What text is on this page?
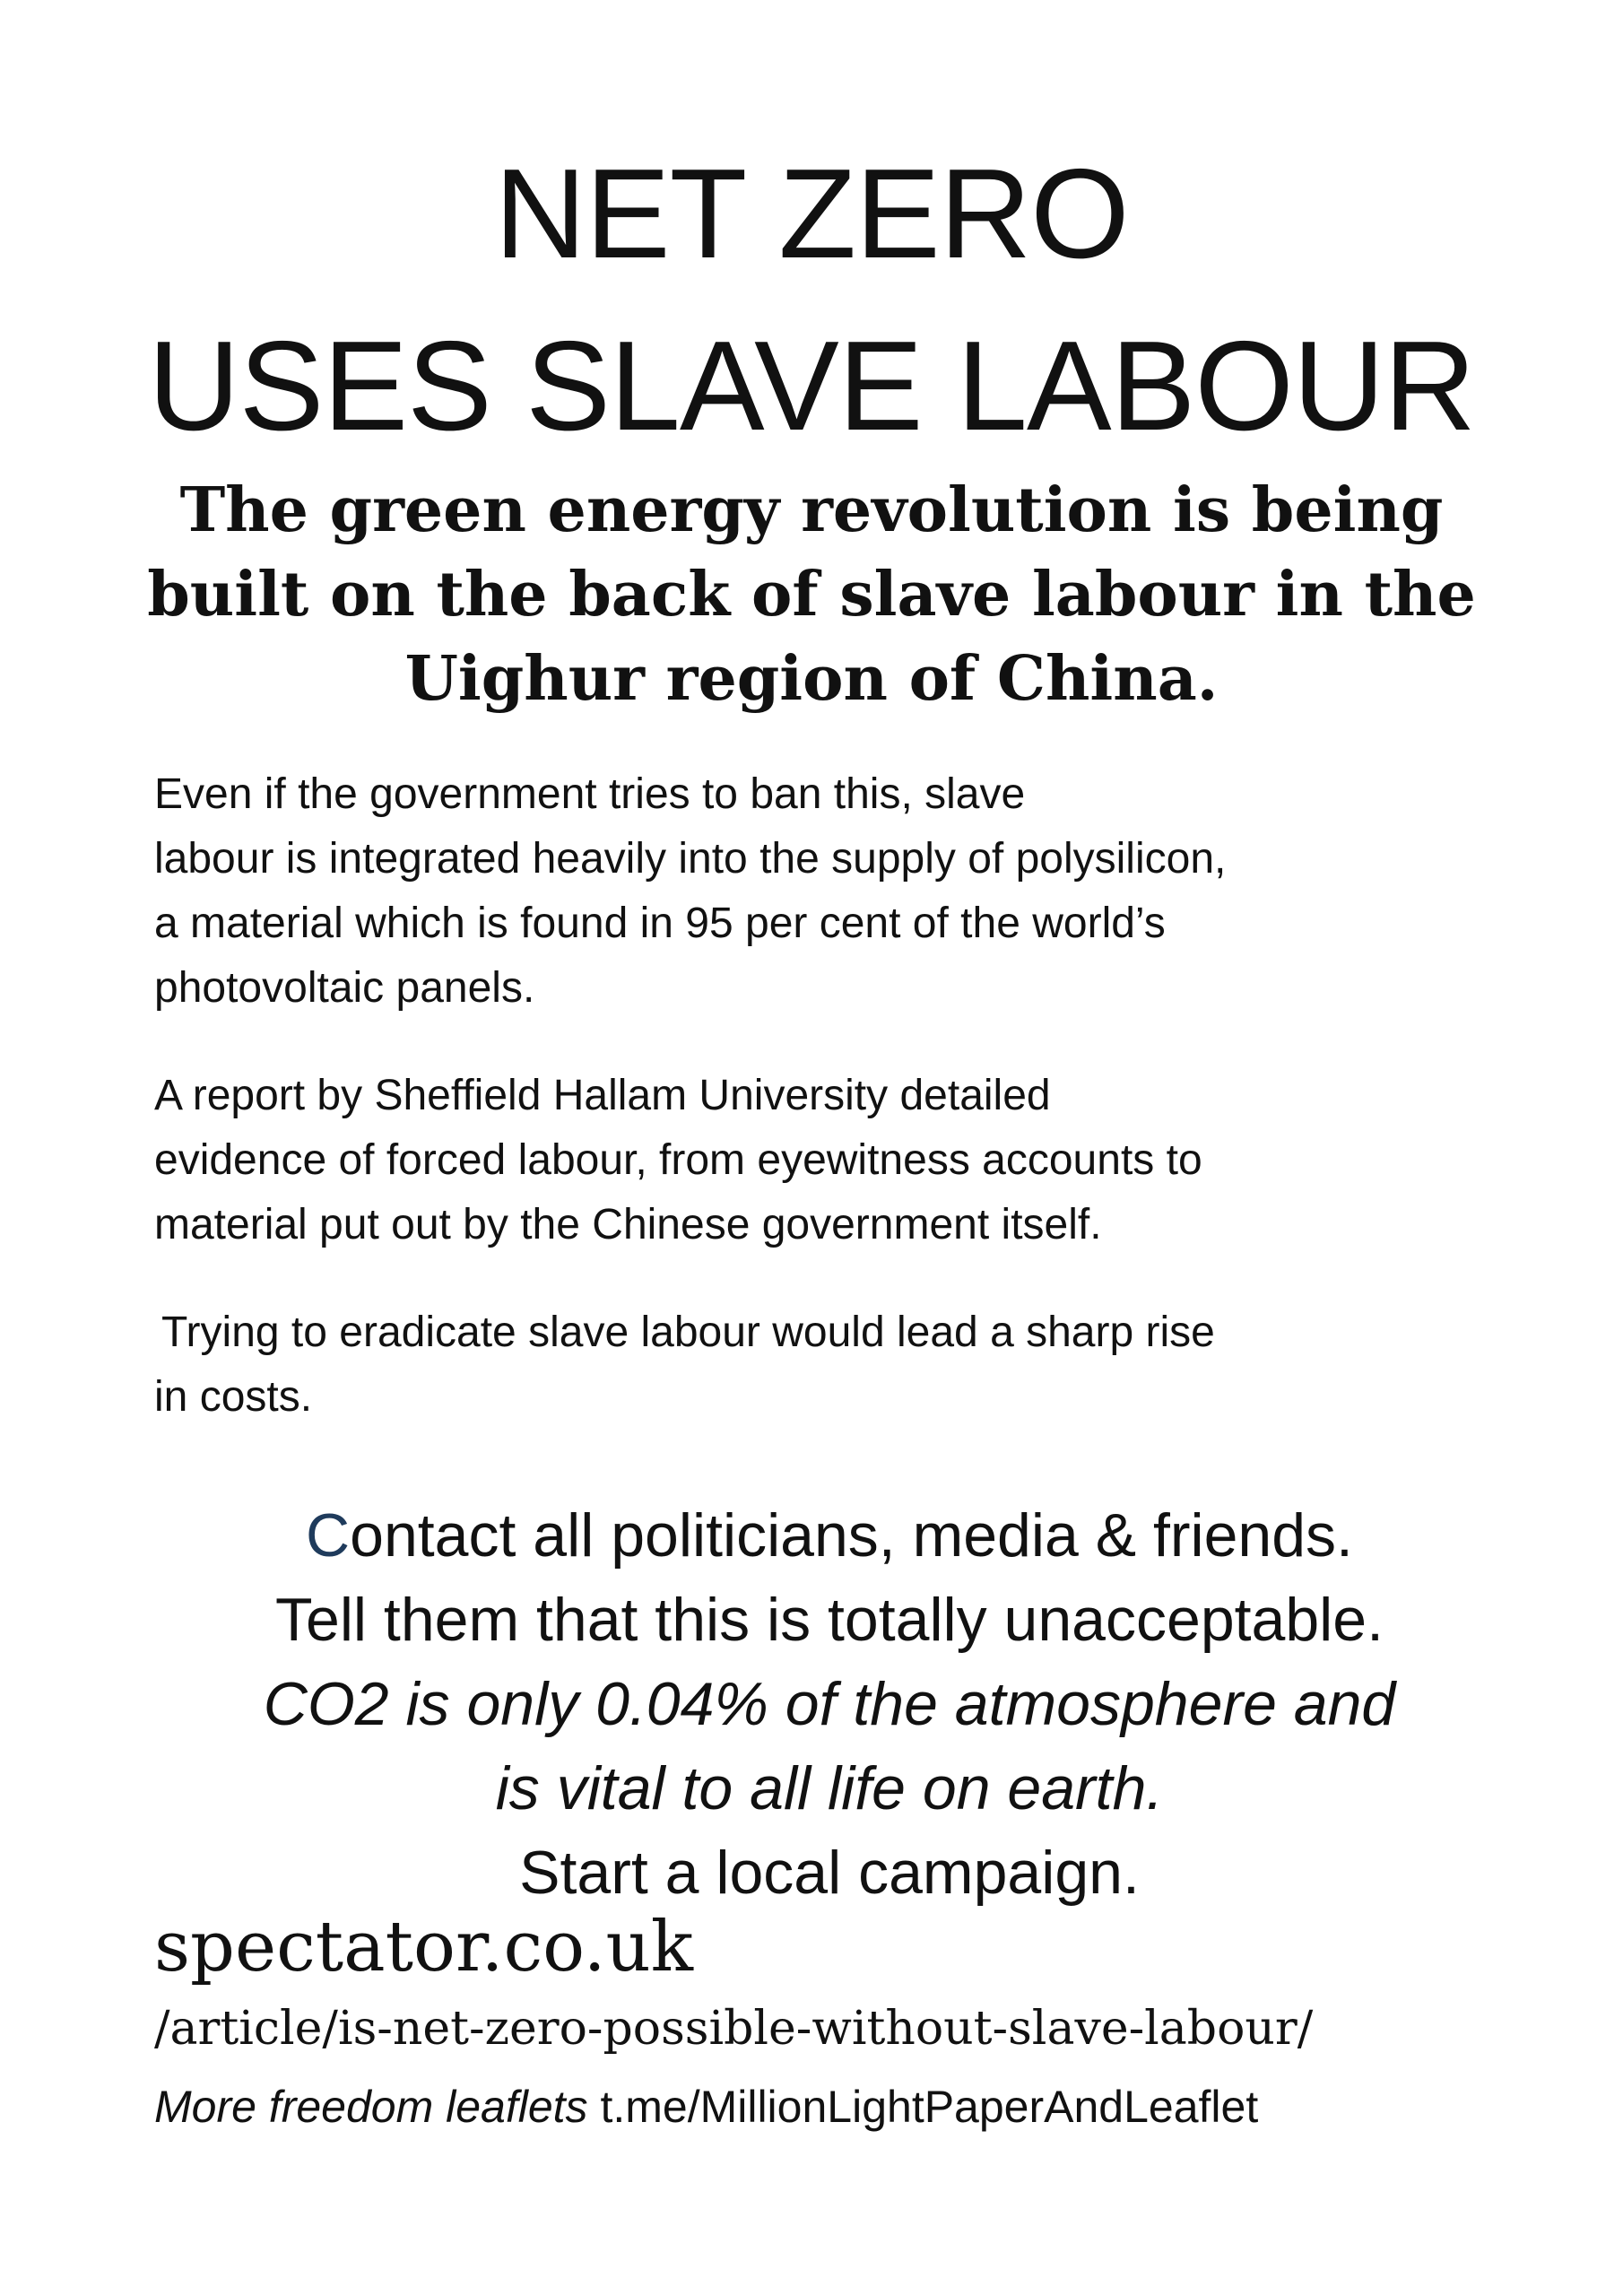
NET ZERO
USES SLAVE LABOUR
The green energy revolution is being
built on the back of slave labour in the
Uighur region of China.
Even if the government tries to ban this, slave
labour is integrated heavily into the supply of polysilicon,
a material which is found in 95 per cent of the world’s
photovoltaic panels.
A report by Sheffield Hallam University detailed
evidence of forced labour, from eyewitness accounts to
material put out by the Chinese government itself.
Trying to eradicate slave labour would lead a sharp rise
in costs.
Contact all politicians, media & friends.
Tell them that this is totally unacceptable.
CO2 is only 0.04% of the atmosphere and
is vital to all life on earth.
Start a local campaign.
spectator.co.uk
/article/is-net-zero-possible-without-slave-labour/
More freedom leaflets t.me/MillionLightPaperAndLeaflet
